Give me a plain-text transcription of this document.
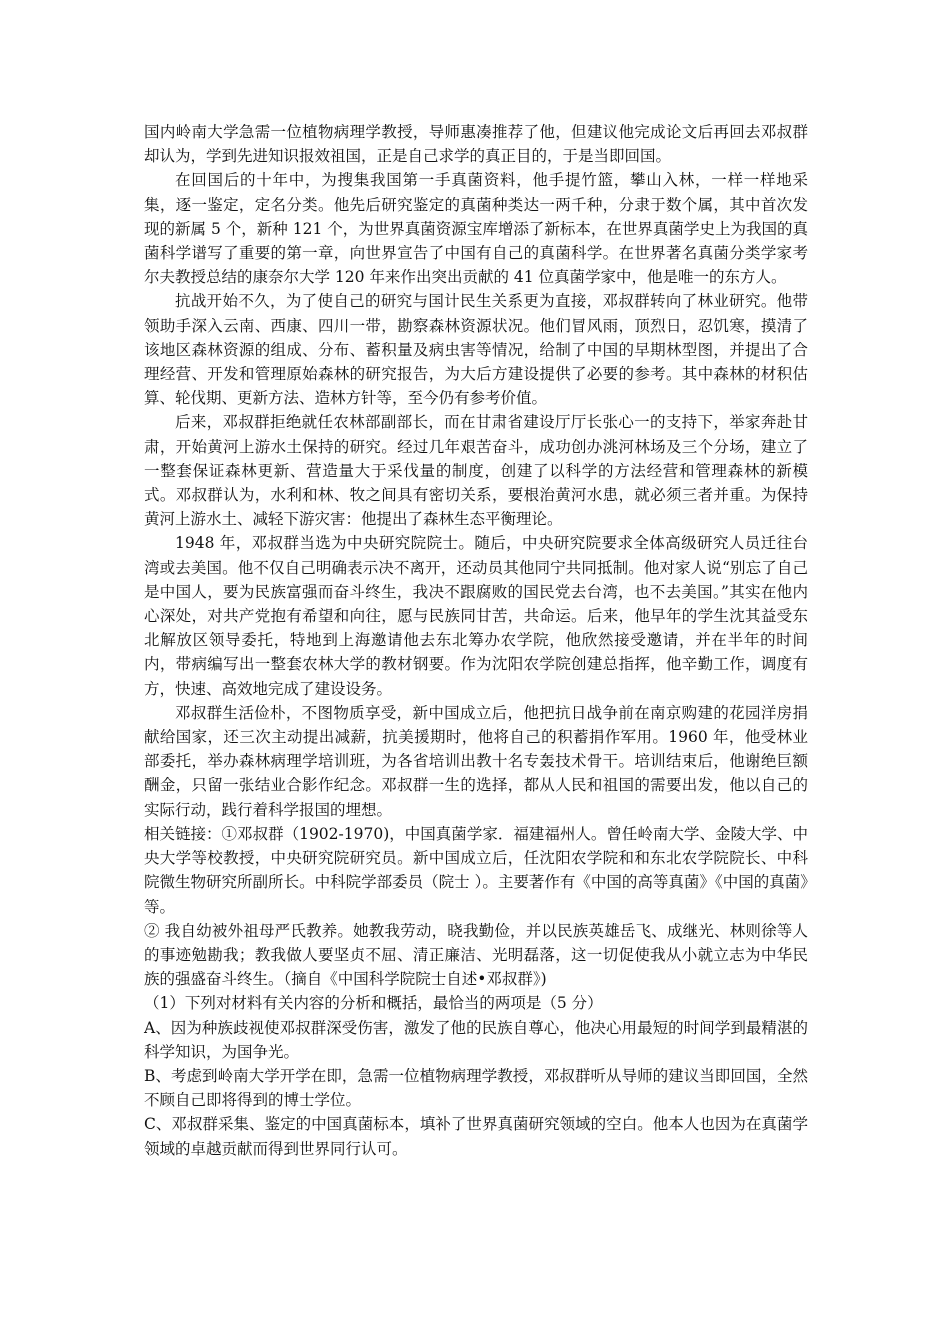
国内岭南大学急需一位植物病理学教授，导师惠凑推荐了他，但建议他完成论文后再回去邓叔群却认为，学到先进知识报效祖国，正是自己求学的真正目的，于是当即回国。

在回国后的十年中，为搜集我国第一手真菌资料，他手提竹篮，攀山入林，一样一样地采集，逐一鉴定，定名分类。他先后研究鉴定的真菌种类达一两千种，分隶于数个属，其中首次发现的新属 5 个，新种 121 个，为世界真菌资源宝库增添了新标本，在世界真菌学史上为我国的真菌科学谱写了重要的第一章，向世界宣告了中国有自己的真菌科学。在世界著名真菌分类学家考尔夫教授总结的康奈尔大学 120 年来作出突出贡献的 41 位真菌学家中，他是唯一的东方人。

抗战开始不久，为了使自己的研究与国计民生关系更为直接，邓叔群转向了林业研究。他带领助手深入云南、西康、四川一带，勘察森林资源状况。他们冒风雨，顶烈日，忍饥寒，摸清了该地区森林资源的组成、分布、蓄积量及病虫害等情况，给制了中国的早期林型图，并提出了合理经营、开发和管理原始森林的研究报告，为大后方建设提供了必要的参考。其中森林的材积估算、轮伐期、更新方法、造林方针等，至今仍有参考价值。

后来，邓叔群拒绝就任农林部副部长，而在甘肃省建设厅厅长张心一的支持下，举家奔赴甘肃，开始黄河上游水土保持的研究。经过几年艰苦奋斗，成功创办洮河林场及三个分场，建立了一整套保证森林更新、营造量大于采伐量的制度，创建了以科学的方法经营和管理森林的新模式。邓叔群认为，水利和林、牧之间具有密切关系，要根治黄河水患，就必须三者并重。为保持黄河上游水土、减轻下游灾害：他提出了森林生态平衡理论。

1948 年，邓叔群当选为中央研究院院士。随后，中央研究院要求全体高级研究人员迁往台湾或去美国。他不仅自己明确表示决不离开，还动员其他同宁共同抵制。他对家人说“别忘了自己是中国人，要为民族富强而奋斗终生，我决不跟腐败的国民党去台湾，也不去美国。”其实在他内心深处，对共产党抱有希望和向往，愿与民族同甘苦，共命运。后来，他早年的学生沈其益受东北解放区领导委托，特地到上海邀请他去东北筹办农学院，他欣然接受邀请，并在半年的时间内，带病编写出一整套农林大学的教材钢要。作为沈阳农学院创建总指挥，他辛勤工作，调度有方，快速、高效地完成了建设设务。

邓叔群生活俭朴，不图物质享受，新中国成立后，他把抗日战争前在南京购建的花园洋房捐献给国家，还三次主动提出减薪，抗美援期时，他将自己的积蓄捐作军用。1960 年，他受林业部委托，举办森林病理学培训班，为各省培训出教十名专轰技术骨干。培训结束后，他谢绝巨额酬金，只留一张结业合影作纪念。邓叔群一生的选择，都从人民和祖国的需要出发，他以自己的实际行动，践行着科学报国的埋想。

相关链接：①邓叔群（1902-1970)，中国真菌学家．福建福州人。曾任岭南大学、金陵大学、中央大学等校教授，中央研究院研究员。新中国成立后，任沈阳农学院和和东北农学院院长、中科院微生物研究所副所长。中科院学部委员（院士 ）。主要著作有《中国的高等真菌》《中国的真菌》等。

② 我自幼被外祖母严氏教养。她教我劳动，晓我勤俭，并以民族英雄岳飞、成继光、林则徐等人的事迹勉勘我；教我做人要坚贞不屈、清正廉洁、光明磊落，这一切促使我从小就立志为中华民族的强盛奋斗终生。（摘自《中国科学院院士自述•邓叔群》)

（1）下列对材料有关内容的分析和概括，最恰当的两项是（5 分）

A、因为种族歧视使邓叔群深受伤害，激发了他的民族自尊心，他决心用最短的时间学到最精湛的科学知识，为国争光。

B、考虑到岭南大学开学在即，急需一位植物病理学教授，邓叔群听从导师的建议当即回国，全然不顾自己即将得到的博士学位。

C、邓叔群采集、鉴定的中国真菌标本，填补了世界真菌研究领域的空白。他本人也因为在真菌学领域的卓越贡献而得到世界同行认可。
